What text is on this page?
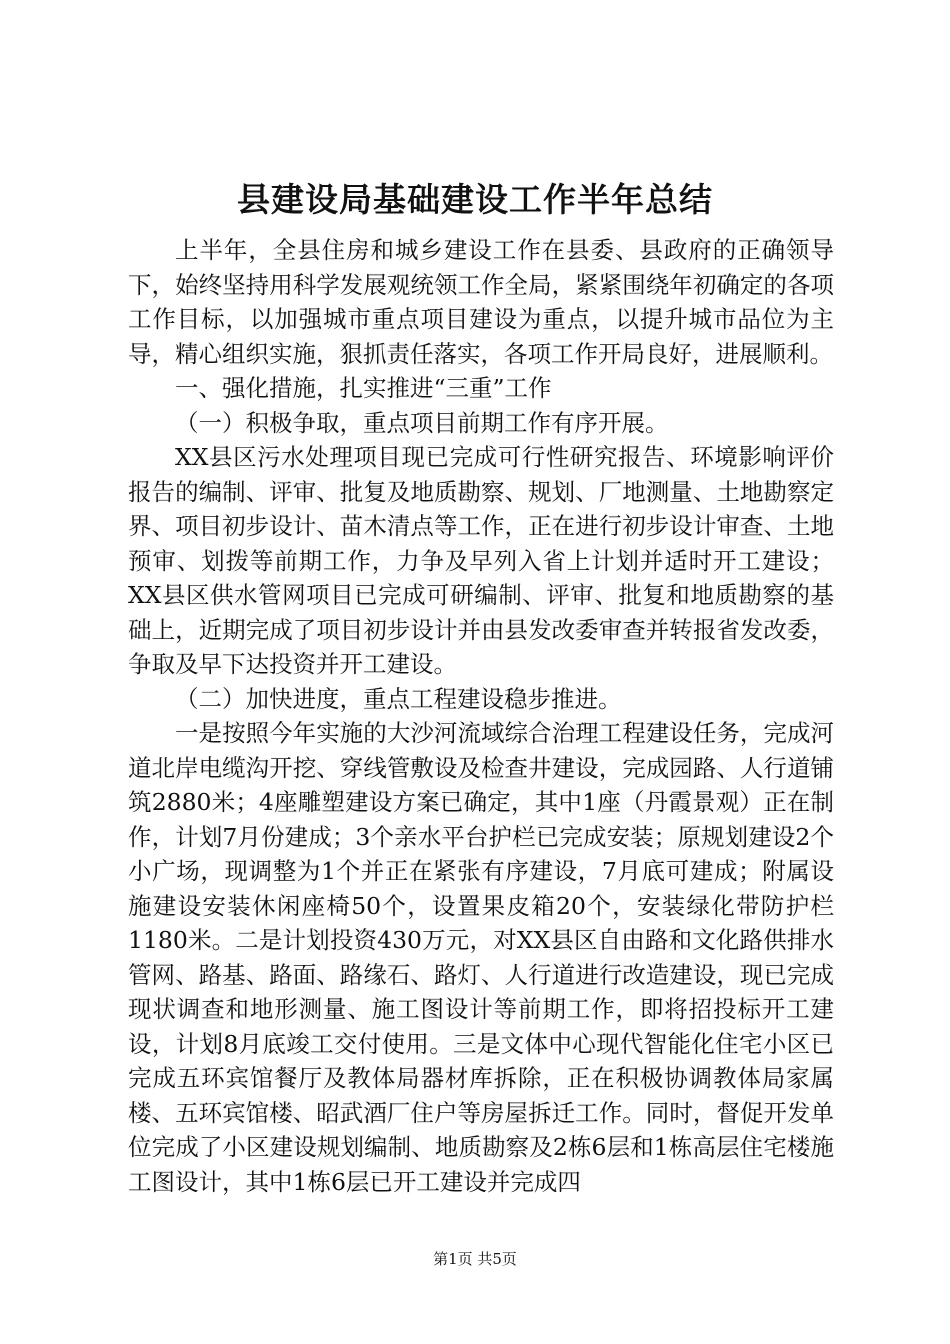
县建设局基础建设工作半年总结

上半年，全县住房和城乡建设工作在县委、县政府的正确领导下，始终坚持用科学发展观统领工作全局，紧紧围绕年初确定的各项工作目标，以加强城市重点项目建设为重点，以提升城市品位为主导，精心组织实施，狠抓责任落实，各项工作开局良好，进展顺利。

一、强化措施，扎实推进“三重”工作

（一）积极争取，重点项目前期工作有序开展。

XX县区污水处理项目现已完成可行性研究报告、环境影响评价报告的编制、评审、批复及地质勘察、规划、厂地测量、土地勘察定界、项目初步设计、苗木清点等工作，正在进行初步设计审查、土地预审、划拨等前期工作，力争及早列入省上计划并适时开工建设；XX县区供水管网项目已完成可研编制、评审、批复和地质勘察的基础上，近期完成了项目初步设计并由县发改委审查并转报省发改委，争取及早下达投资并开工建设。

（二）加快进度，重点工程建设稳步推进。

一是按照今年实施的大沙河流域综合治理工程建设任务，完成河道北岸电缆沟开挖、穿线管敷设及检查井建设，完成园路、人行道铺筑2880米；4座雕塑建设方案已确定，其中1座（丹霞景观）正在制作，计划7月份建成；3个亲水平台护栏已完成安装；原规划建设2个小广场，现调整为1个并正在紧张有序建设，7月底可建成；附属设施建设安装休闲座椅50个，设置果皮箱20个，安装绿化带防护栏1180米。二是计划投资430万元，对XX县区自由路和文化路供排水管网、路基、路面、路缘石、路灯、人行道进行改造建设，现已完成现状调查和地形测量、施工图设计等前期工作，即将招投标开工建设，计划8月底竣工交付使用。三是文体中心现代智能化住宅小区已完成五环宾馆餐厅及教体局器材库拆除，正在积极协调教体局家属楼、五环宾馆楼、昭武酒厂住户等房屋拆迁工作。同时，督促开发单位完成了小区建设规划编制、地质勘察及2栋6层和1栋高层住宅楼施工图设计，其中1栋6层已开工建设并完成四

第1页 共5页
